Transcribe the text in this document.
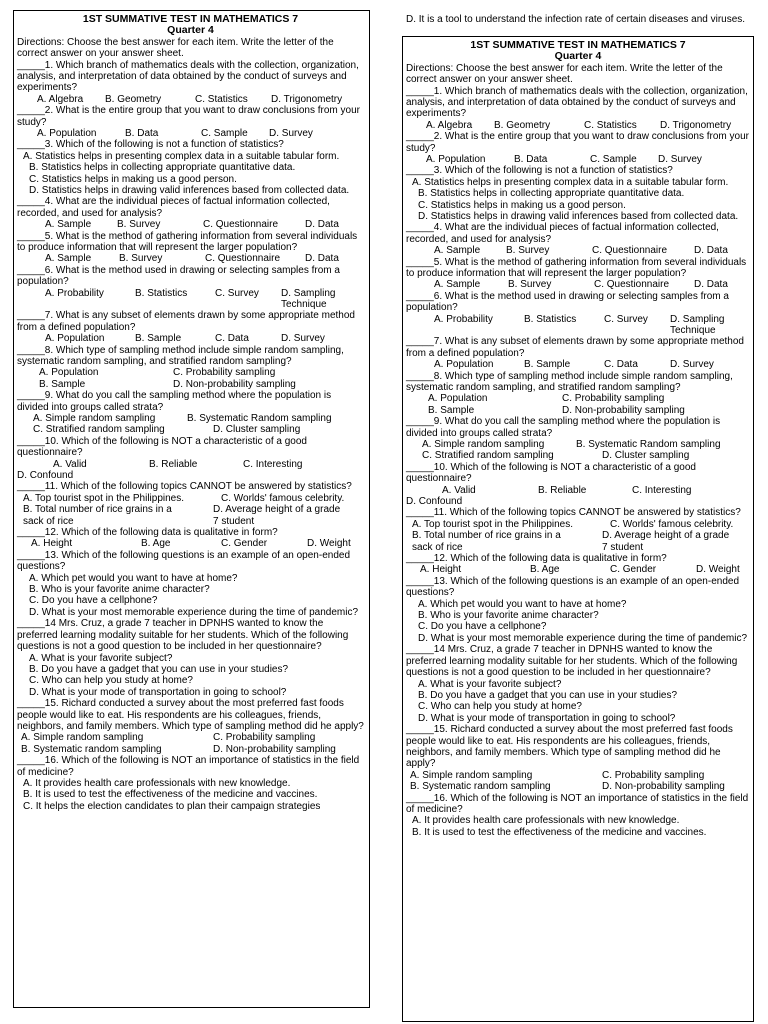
D. It is a tool to understand the infection rate of certain diseases and viruses.
1ST SUMMATIVE TEST IN MATHEMATICS 7
Quarter 4
Directions: Choose the best answer for each item. Write the letter of the correct answer on your answer sheet.
_____1. Which branch of mathematics deals with the collection, organization, analysis, and interpretation of data obtained by the conduct of surveys and experiments?
A. Algebra B. Geometry	C. Statistics D. Trigonometry
_____2. What is the entire group that you want to draw conclusions from your study?
A. Population	B. Data	C. Sample D. Survey
_____3. Which of the following is not a function of statistics?
A. Statistics helps in presenting complex data in a suitable tabular form.
B. Statistics helps in collecting appropriate quantitative data.
C. Statistics helps in making us a good person.
D. Statistics helps in drawing valid inferences based from collected data.
_____4. What are the individual pieces of factual information collected, recorded, and used for analysis?
A. Sample	B. Survey	C. Questionnaire	D. Data
_____5. What is the method of gathering information from several individuals to produce information that will represent the larger population?
A. Sample	B. Survey	C. Questionnaire D. Data
_____6. What is the method used in drawing or selecting samples from a population?
A. Probability	B. Statistics	C. Survey D. Sampling Technique
_____7. What is any subset of elements drawn by some appropriate method from a defined population?
A. Population	B. Sample	C. Data	D. Survey
_____8. Which type of sampling method include simple random sampling, systematic random sampling, and stratified random sampling?
A. Population	C. Probability sampling
B. Sample	D. Non-probability sampling
_____9. What do you call the sampling method where the population is divided into groups called strata?
A. Simple random sampling	B. Systematic Random sampling
C. Stratified random sampling	D. Cluster sampling
_____10. Which of the following is NOT a characteristic of a good questionnaire?
A. Valid	B. Reliable	C. Interesting
D. Confound
_____11. Which of the following topics CANNOT be answered by statistics?
A. Top tourist spot in the Philippines.	C. Worlds' famous celebrity.
B. Total number of rice grains in a sack of rice
D. Average height of a grade 7 student
_____12. Which of the following data is qualitative in form?
A. Height	B. Age	C. Gender	D. Weight
_____13. Which of the following questions is an example of an open-ended questions?
A. Which pet would you want to have at home?
B. Who is your favorite anime character?
C. Do you have a cellphone?
D. What is your most memorable experience during the time of pandemic?
_____14 Mrs. Cruz, a grade 7 teacher in DPNHS wanted to know the preferred learning modality suitable for her students. Which of the following questions is not a good question to be included in her questionnaire?
A. What is your favorite subject?
B. Do you have a gadget that you can use in your studies?
C. Who can help you study at home?
D. What is your mode of transportation in going to school?
_____15. Richard conducted a survey about the most preferred fast foods people would like to eat. His respondents are his colleagues, friends, neighbors, and family members. Which type of sampling method did he apply?
A. Simple random sampling	C. Probability sampling
B. Systematic random sampling	D. Non-probability sampling
_____16. Which of the following is NOT an importance of statistics in the field of medicine?
A. It provides health care professionals with new knowledge.
B. It is used to test the effectiveness of the medicine and vaccines.
C. It helps the election candidates to plan their campaign strategies
1ST SUMMATIVE TEST IN MATHEMATICS 7
Quarter 4
Directions: Choose the best answer for each item. Write the letter of the correct answer on your answer sheet.
_____1. Which branch of mathematics deals with the collection, organization, analysis, and interpretation of data obtained by the conduct of surveys and experiments?
A. Algebra B. Geometry	C. Statistics D. Trigonometry
_____2. What is the entire group that you want to draw conclusions from your study?
A. Population	B. Data	C. Sample D. Survey
_____3. Which of the following is not a function of statistics?
A. Statistics helps in presenting complex data in a suitable tabular form.
B. Statistics helps in collecting appropriate quantitative data.
C. Statistics helps in making us a good person.
D. Statistics helps in drawing valid inferences based from collected data.
_____4. What are the individual pieces of factual information collected, recorded, and used for analysis?
A. Sample	B. Survey	C. Questionnaire	D. Data
_____5. What is the method of gathering information from several individuals to produce information that will represent the larger population?
A. Sample	B. Survey	C. Questionnaire D. Data
_____6. What is the method used in drawing or selecting samples from a population?
A. Probability	B. Statistics	C. Survey D. Sampling Technique
_____7. What is any subset of elements drawn by some appropriate method from a defined population?
A. Population	B. Sample	C. Data	D. Survey
_____8. Which type of sampling method include simple random sampling, systematic random sampling, and stratified random sampling?
A. Population	C. Probability sampling
B. Sample	D. Non-probability sampling
_____9. What do you call the sampling method where the population is divided into groups called strata?
A. Simple random sampling	B. Systematic Random sampling
C. Stratified random sampling	D. Cluster sampling
_____10. Which of the following is NOT a characteristic of a good questionnaire?
A. Valid	B. Reliable	C. Interesting
D. Confound
_____11. Which of the following topics CANNOT be answered by statistics?
A. Top tourist spot in the Philippines.	C. Worlds' famous celebrity.
B. Total number of rice grains in a sack of rice
D. Average height of a grade 7 student
_____12. Which of the following data is qualitative in form?
A. Height	B. Age	C. Gender	D. Weight
_____13. Which of the following questions is an example of an open-ended questions?
A. Which pet would you want to have at home?
B. Who is your favorite anime character?
C. Do you have a cellphone?
D. What is your most memorable experience during the time of pandemic?
_____14 Mrs. Cruz, a grade 7 teacher in DPNHS wanted to know the preferred learning modality suitable for her students. Which of the following questions is not a good question to be included in her questionnaire?
A. What is your favorite subject?
B. Do you have a gadget that you can use in your studies?
C. Who can help you study at home?
D. What is your mode of transportation in going to school?
_____15. Richard conducted a survey about the most preferred fast foods people would like to eat. His respondents are his colleagues, friends, neighbors, and family members. Which type of sampling method did he apply?
A. Simple random sampling	C. Probability sampling
B. Systematic random sampling	D. Non-probability sampling
_____16. Which of the following is NOT an importance of statistics in the field of medicine?
A. It provides health care professionals with new knowledge.
B. It is used to test the effectiveness of the medicine and vaccines.
